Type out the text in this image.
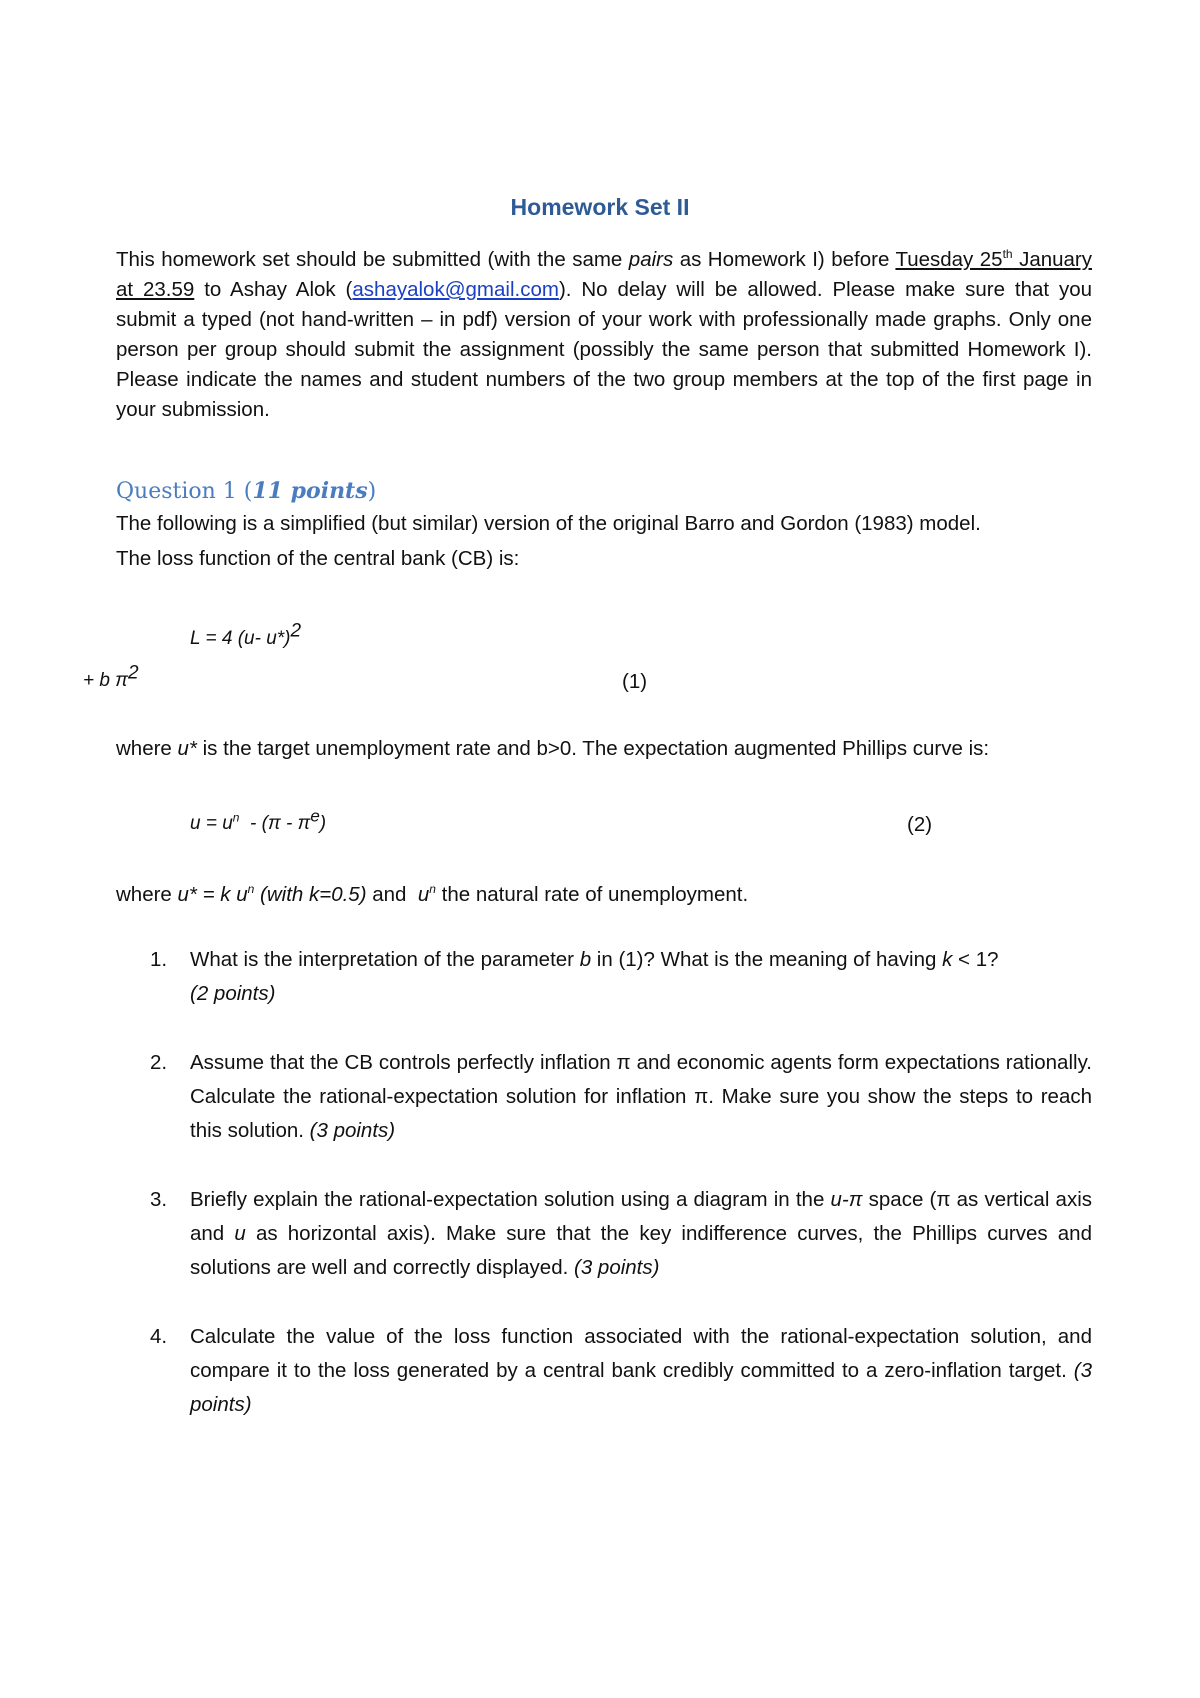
Homework Set II
This homework set should be submitted (with the same pairs as Homework I) before Tuesday 25th January at 23.59 to Ashay Alok (ashayalok@gmail.com). No delay will be allowed. Please make sure that you submit a typed (not hand-written – in pdf) version of your work with professionally made graphs. Only one person per group should submit the assignment (possibly the same person that submitted Homework I). Please indicate the names and student numbers of the two group members at the top of the first page in your submission.
Question 1 (11 points)
The following is a simplified (but similar) version of the original Barro and Gordon (1983) model.
The loss function of the central bank (CB) is:
L = 4 (u- u*)$^2$
+ b $\pi^2$	(1)
where u* is the target unemployment rate and b>0. The expectation augmented Phillips curve is:
$u = u^n - (\pi - \pi^e)$	(2)
where u* = k $u^n$ (with k=0.5) and  $u^n$ the natural rate of unemployment.
1. What is the interpretation of the parameter b in (1)? What is the meaning of having k < 1?
(2 points)
2. Assume that the CB controls perfectly inflation π and economic agents form expectations rationally. Calculate the rational-expectation solution for inflation π. Make sure you show the steps to reach this solution. (3 points)
3. Briefly explain the rational-expectation solution using a diagram in the u-π space (π as vertical axis and u as horizontal axis). Make sure that the key indifference curves, the Phillips curves and solutions are well and correctly displayed. (3 points)
4. Calculate the value of the loss function associated with the rational-expectation solution, and compare it to the loss generated by a central bank credibly committed to a zero-inflation target. (3 points)
